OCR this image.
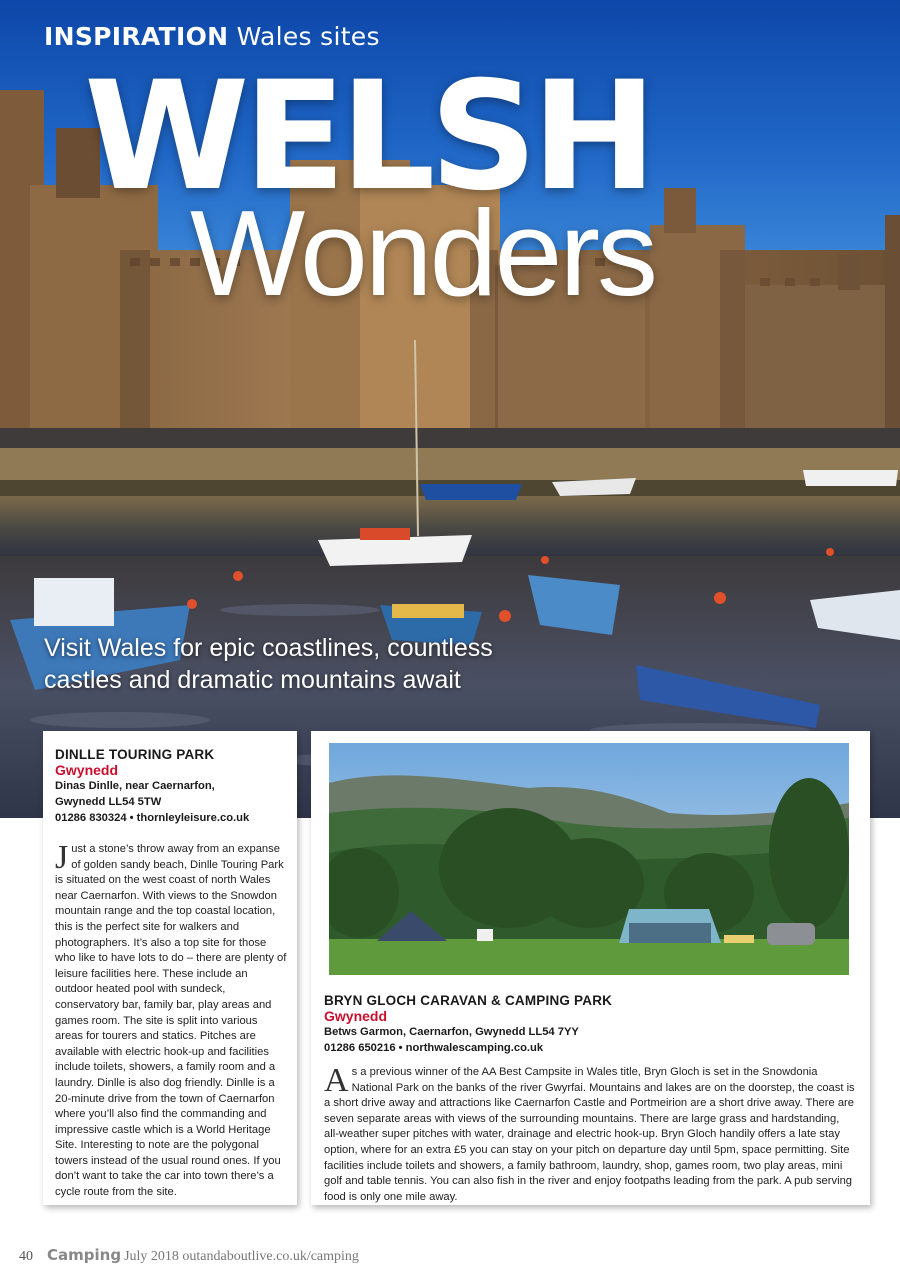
INSPIRATION Wales sites
WELSH
Wonders
Visit Wales for epic coastlines, countless castles and dramatic mountains await
DINLLE TOURING PARK
Gwynedd
Dinas Dinlle, near Caernarfon,
Gwynedd LL54 5TW
01286 830324 • thornleyleisure.co.uk
Just a stone’s throw away from an expanse of golden sandy beach, Dinlle Touring Park is situated on the west coast of north Wales near Caernarfon. With views to the Snowdon mountain range and the top coastal location, this is the perfect site for walkers and photographers. It’s also a top site for those who like to have lots to do – there are plenty of leisure facilities here. These include an outdoor heated pool with sundeck, conservatory bar, family bar, play areas and games room. The site is split into various areas for tourers and statics. Pitches are available with electric hook-up and facilities include toilets, showers, a family room and a laundry. Dinlle is also dog friendly. Dinlle is a 20-minute drive from the town of Caernarfon where you’ll also find the commanding and impressive castle which is a World Heritage Site. Interesting to note are the polygonal towers instead of the usual round ones. If you don’t want to take the car into town there’s a cycle route from the site.
BRYN GLOCH CARAVAN & CAMPING PARK
Gwynedd
Betws Garmon, Caernarfon, Gwynedd LL54 7YY
01286 650216 • northwalescamping.co.uk
As a previous winner of the AA Best Campsite in Wales title, Bryn Gloch is set in the Snowdonia National Park on the banks of the river Gwyrfai. Mountains and lakes are on the doorstep, the coast is a short drive away and attractions like Caernarfon Castle and Portmeirion are a short drive away. There are seven separate areas with views of the surrounding mountains. There are large grass and hardstanding, all-weather super pitches with water, drainage and electric hook-up. Bryn Gloch handily offers a late stay option, where for an extra £5 you can stay on your pitch on departure day until 5pm, space permitting. Site facilities include toilets and showers, a family bathroom, laundry, shop, games room, two play areas, mini golf and table tennis. You can also fish in the river and enjoy footpaths leading from the park. A pub serving food is only one mile away.
40 Camping July 2018 outandaboutlive.co.uk/camping
